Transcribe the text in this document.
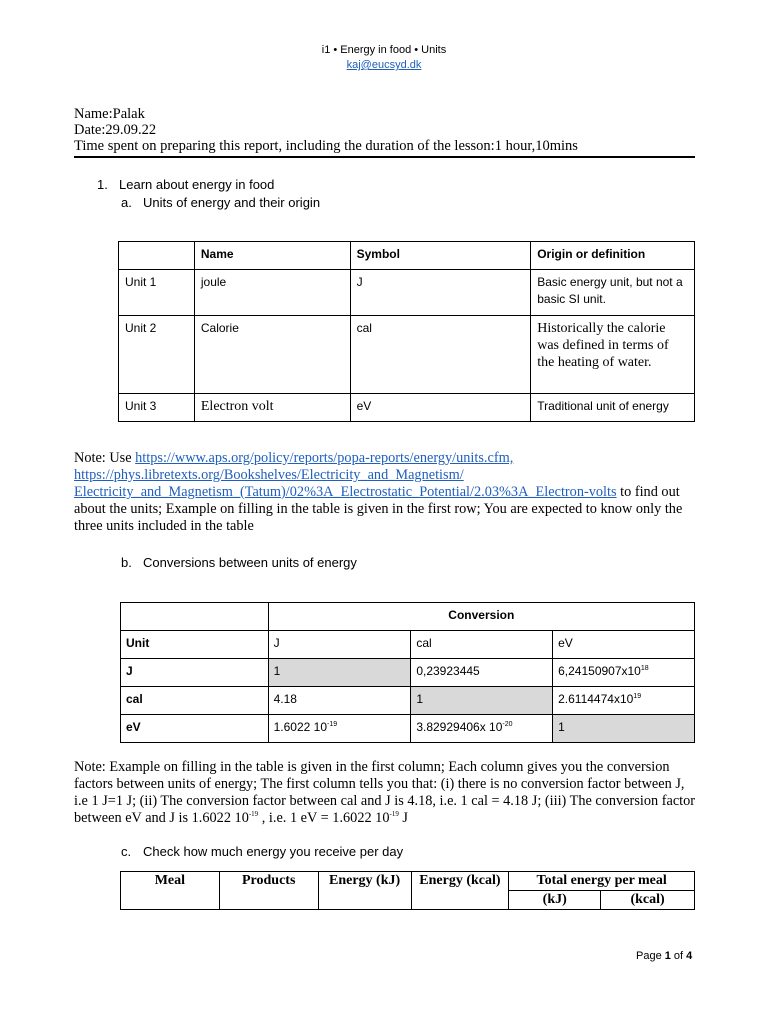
i1 • Energy in food • Units
kaj@eucsyd.dk
Name:Palak
Date:29.09.22
Time spent on preparing this report, including the duration of the lesson:1 hour,10mins
1. Learn about energy in food
a. Units of energy and their origin
	Name	Symbol	Origin or definition
Unit 1	joule	J	Basic energy unit, but not a basic SI unit.
Unit 2	Calorie	cal	Historically the calorie was defined in terms of the heating of water.
Unit 3	Electron volt	eV	Traditional unit of energy
Note: Use https://www.aps.org/policy/reports/popa-reports/energy/units.cfm,
https://phys.libretexts.org/Bookshelves/Electricity_and_Magnetism/
Electricity_and_Magnetism_(Tatum)/02%3A_Electrostatic_Potential/2.03%3A_Electron-volts to find out about the units; Example on filling in the table is given in the first row; You are expected to know only the three units included in the table
b. Conversions between units of energy
	Conversion		
Unit	J	cal	eV
J	1	0,23923445	$6,24150907x10^{18}$
cal	4.18	1	$2.6114474x10^{19}$
eV	1.6022 $10^{-19}$	3.82929406x $10^{-20}$	1
Note: Example on filling in the table is given in the first column; Each column gives you the conversion factors between units of energy; The first column tells you that: (i) there is no conversion factor between J, i.e 1 J=1 J; (ii) The conversion factor between cal and J is 4.18, i.e. 1 cal = 4.18 J; (iii) The conversion factor between eV and J is 1.6022 $10^{-19}$ , i.e. 1 eV = 1.6022 $10^{-19}$ J
c. Check how much energy you receive per day
Meal	Products	Energy (kJ)	Energy (kcal)	Total energy per meal	
				(kJ)	(kcal)
Page 1 of 4
